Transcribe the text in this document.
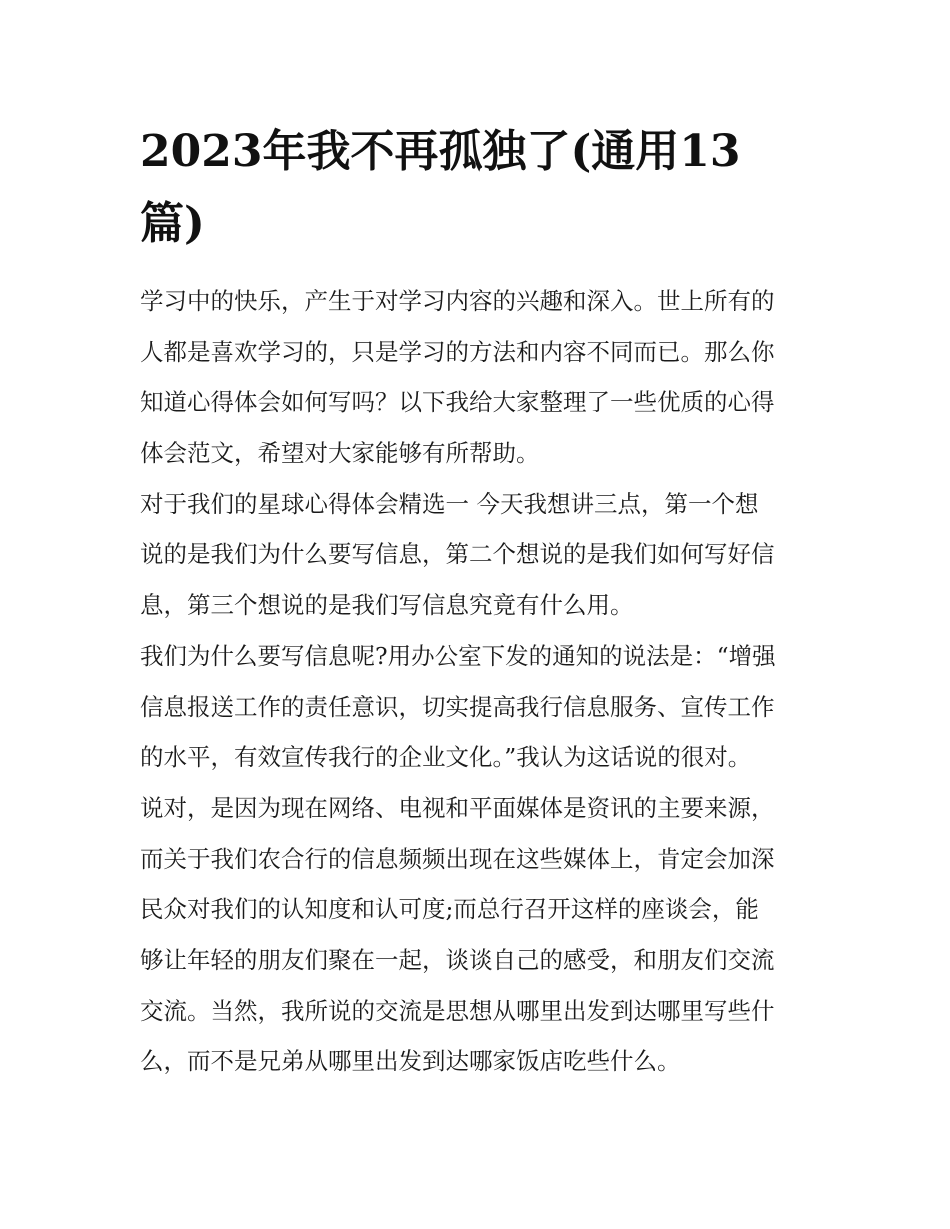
2023年我不再孤独了(通用13
篇)

学习中的快乐，产生于对学习内容的兴趣和深入。世上所有的
人都是喜欢学习的，只是学习的方法和内容不同而已。那么你
知道心得体会如何写吗？以下我给大家整理了一些优质的心得
体会范文，希望对大家能够有所帮助。

对于我们的星球心得体会精选一 今天我想讲三点，第一个想
说的是我们为什么要写信息，第二个想说的是我们如何写好信
息，第三个想说的是我们写信息究竟有什么用。

我们为什么要写信息呢?用办公室下发的通知的说法是：“增强
信息报送工作的责任意识，切实提高我行信息服务、宣传工作
的水平，有效宣传我行的企业文化。”我认为这话说的很对。
说对，是因为现在网络、电视和平面媒体是资讯的主要来源，
而关于我们农合行的信息频频出现在这些媒体上，肯定会加深
民众对我们的认知度和认可度;而总行召开这样的座谈会，能
够让年轻的朋友们聚在一起，谈谈自己的感受，和朋友们交流
交流。当然，我所说的交流是思想从哪里出发到达哪里写些什
么，而不是兄弟从哪里出发到达哪家饭店吃些什么。
